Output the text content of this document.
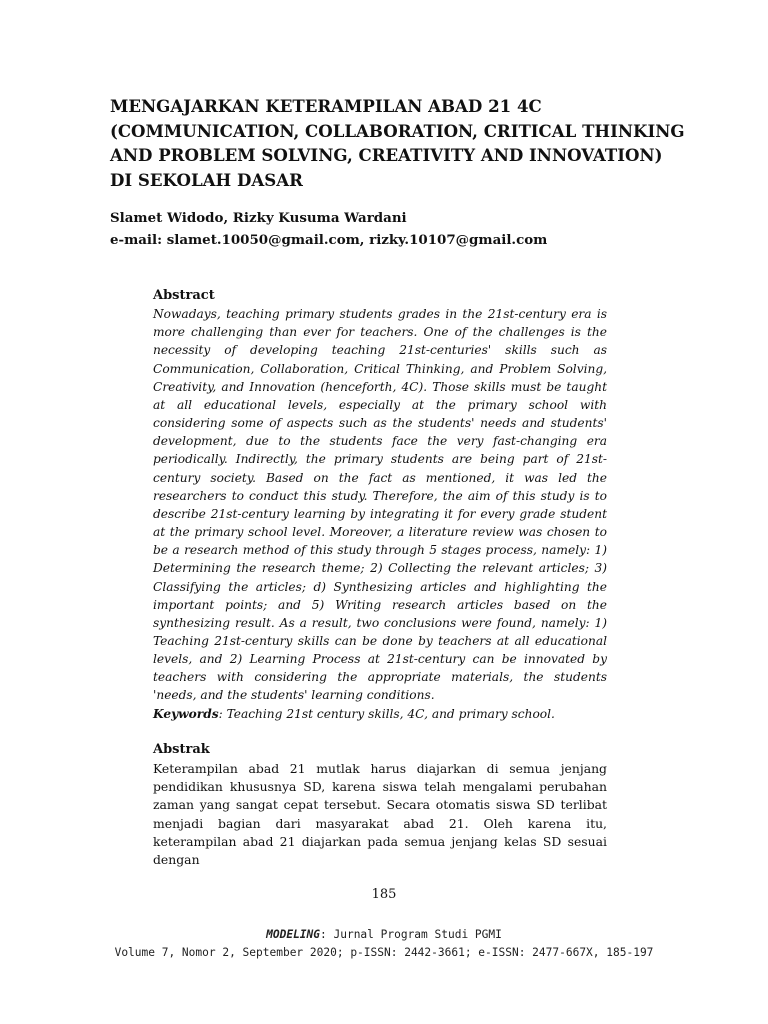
MENGAJARKAN KETERAMPILAN ABAD 21 4C
(COMMUNICATION, COLLABORATION, CRITICAL THINKING
AND PROBLEM SOLVING, CREATIVITY AND INNOVATION)
DI SEKOLAH DASAR
Slamet Widodo, Rizky Kusuma Wardani
e-mail: slamet.10050@gmail.com, rizky.10107@gmail.com
Abstract

Nowadays, teaching primary students grades in the 21st-century era is more challenging than ever for teachers. One of the challenges is the necessity of developing teaching 21st-centuries' skills such as Communication, Collaboration, Critical Thinking, and Problem Solving, Creativity, and Innovation (henceforth, 4C). Those skills must be taught at all educational levels, especially at the primary school with considering some of aspects such as the students' needs and students' development, due to the students face the very fast-changing era periodically. Indirectly, the primary students are being part of 21st-century society. Based on the fact as mentioned, it was led the researchers to conduct this study. Therefore, the aim of this study is to describe 21st-century learning by integrating it for every grade student at the primary school level. Moreover, a literature review was chosen to be a research method of this study through 5 stages process, namely: 1) Determining the research theme; 2) Collecting the relevant articles; 3) Classifying the articles; d) Synthesizing articles and highlighting the important points; and 5) Writing research articles based on the synthesizing result. As a result, two conclusions were found, namely: 1) Teaching 21st-century skills can be done by teachers at all educational levels, and 2) Learning Process at 21st-century can be innovated by teachers with considering the appropriate materials, the students 'needs, and the students' learning conditions.

Keywords: Teaching 21st century skills, 4C, and primary school.

Abstrak

Keterampilan abad 21 mutlak harus diajarkan di semua jenjang pendidikan khususnya SD, karena siswa telah mengalami perubahan zaman yang sangat cepat tersebut. Secara otomatis siswa SD terlibat menjadi bagian dari masyarakat abad 21. Oleh karena itu, keterampilan abad 21 diajarkan pada semua jenjang kelas SD sesuai dengan

185
MODELING: Jurnal Program Studi PGMI
Volume 7, Nomor 2, September 2020; p-ISSN: 2442-3661; e-ISSN: 2477-667X, 185-197
